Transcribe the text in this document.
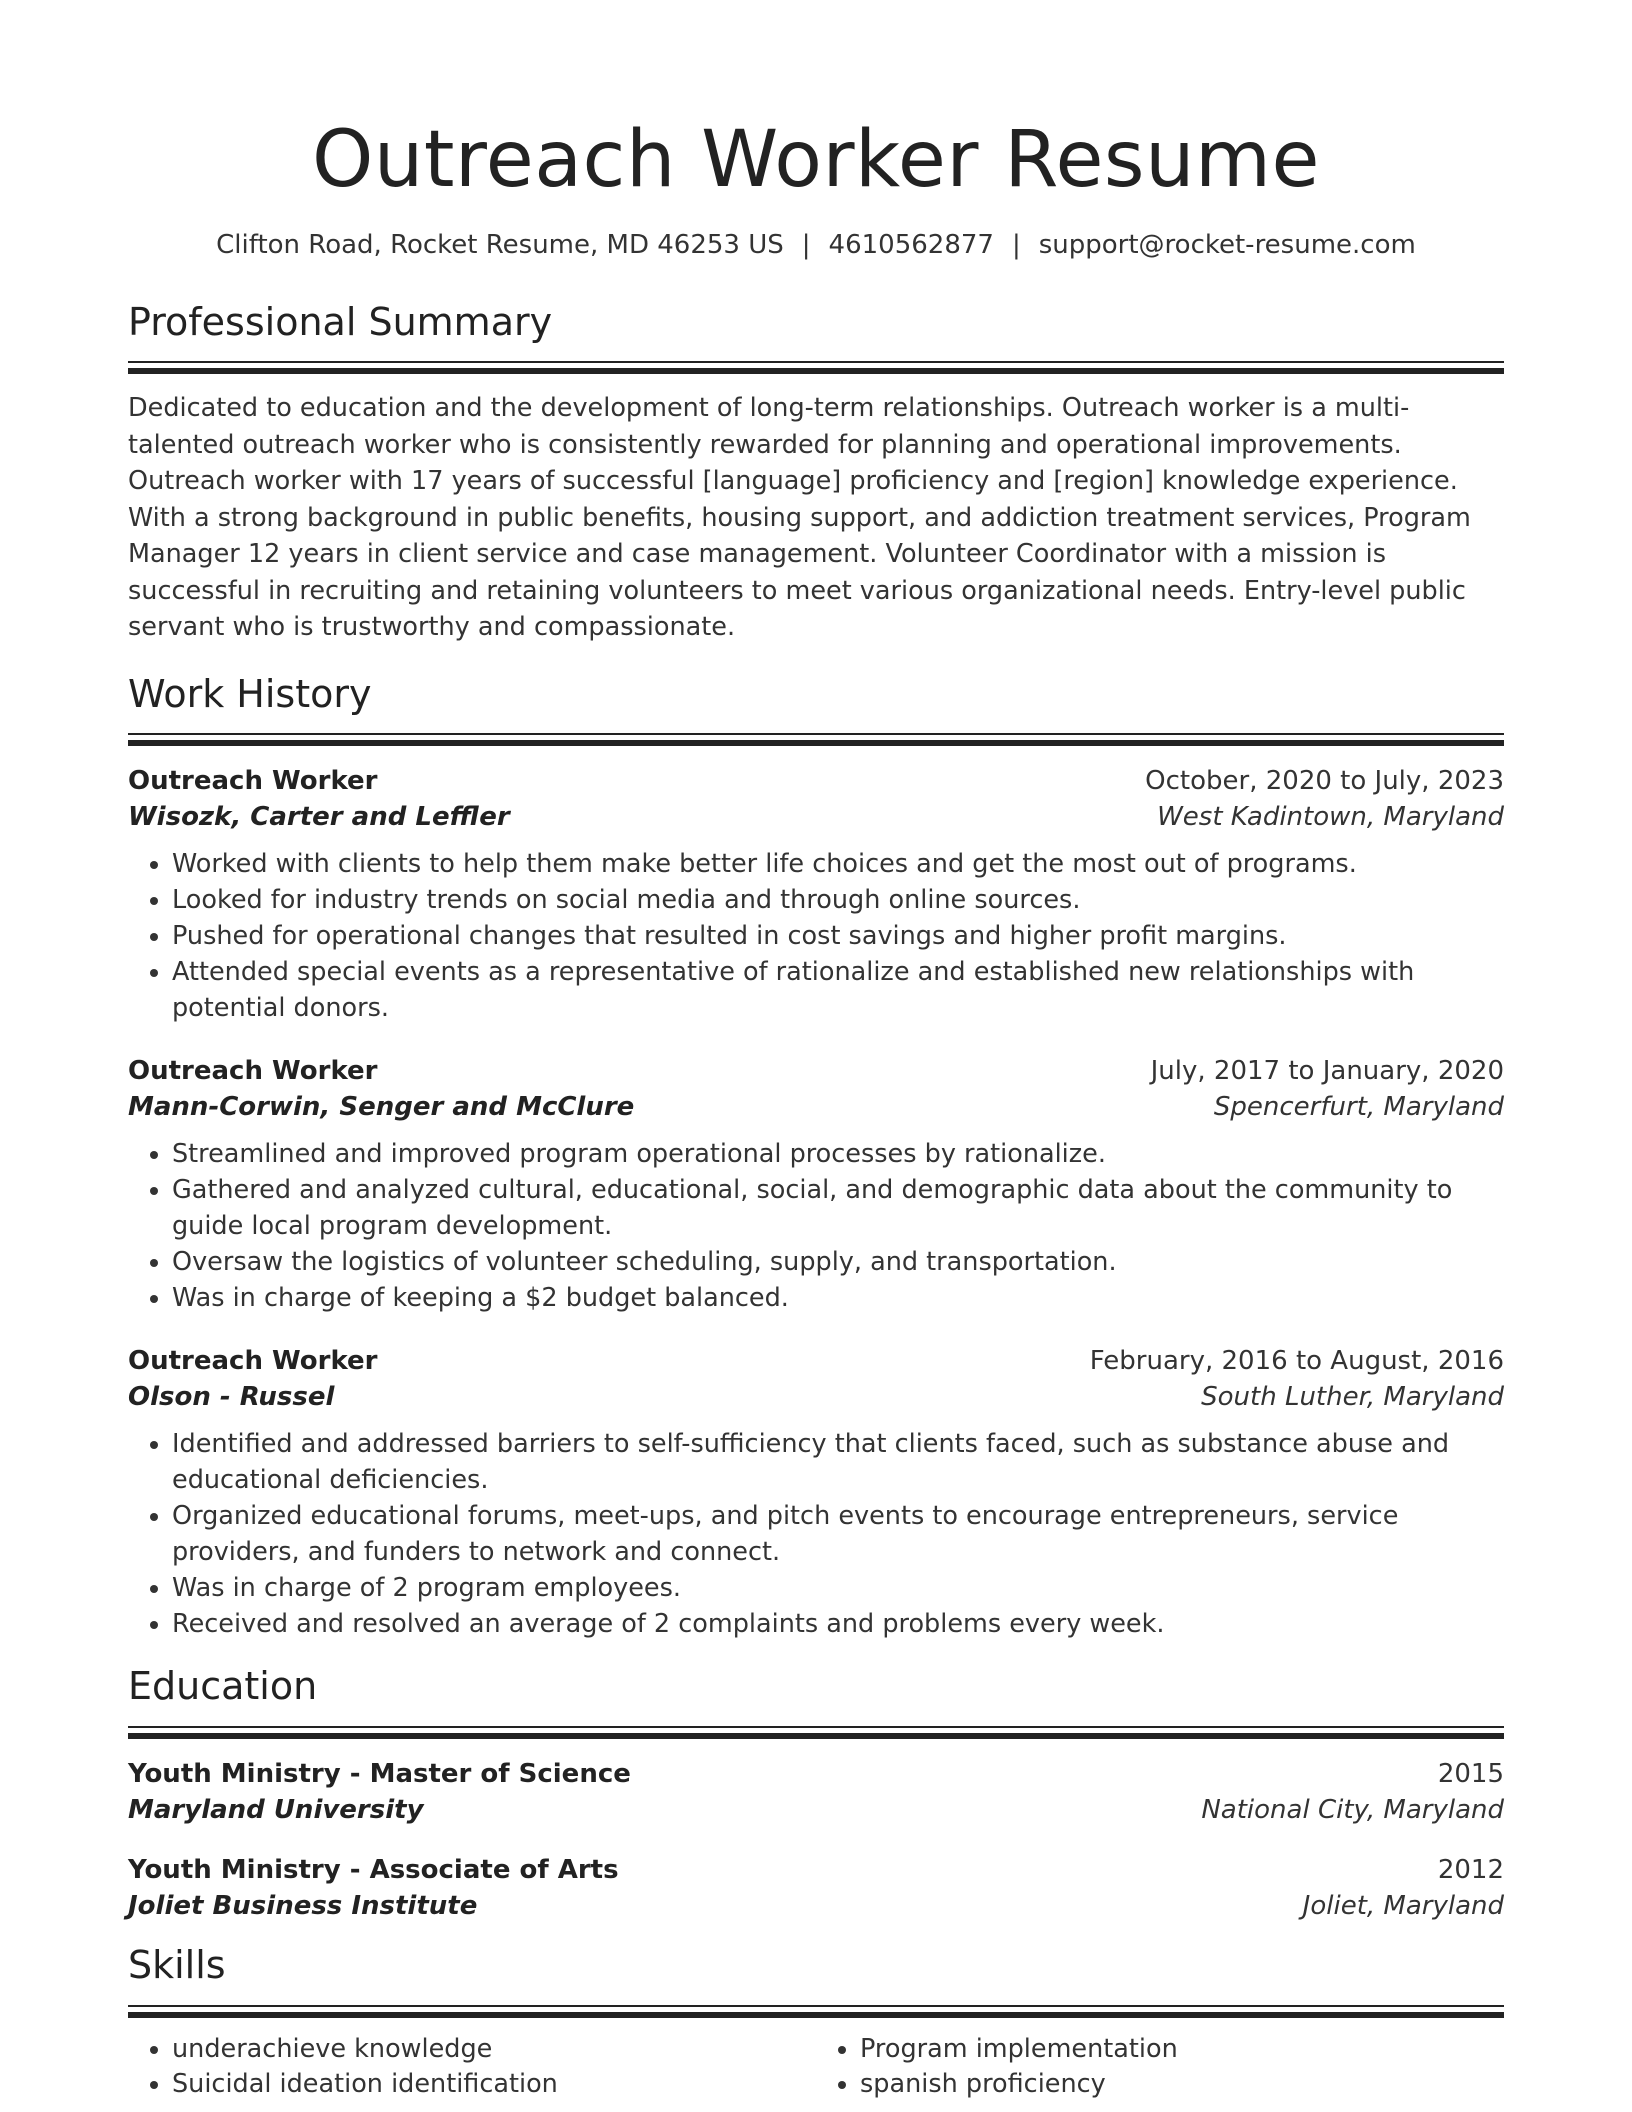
Outreach Worker Resume
Clifton Road, Rocket Resume, MD 46253 US | 4610562877 | support@rocket-resume.com
Professional Summary

Dedicated to education and the development of long-term relationships. Outreach worker is a multi-talented outreach worker who is consistently rewarded for planning and operational improvements. Outreach worker with 17 years of successful [language] proficiency and [region] knowledge experience. With a strong background in public benefits, housing support, and addiction treatment services, Program Manager 12 years in client service and case management. Volunteer Coordinator with a mission is successful in recruiting and retaining volunteers to meet various organizational needs. Entry-level public servant who is trustworthy and compassionate.

Work History
Outreach Worker	October, 2020 to July, 2023
Wisozk, Carter and Leffler	West Kadintown, Maryland
• Worked with clients to help them make better life choices and get the most out of programs.
• Looked for industry trends on social media and through online sources.
• Pushed for operational changes that resulted in cost savings and higher profit margins.
• Attended special events as a representative of rationalize and established new relationships with potential donors.
Outreach Worker	July, 2017 to January, 2020
Mann-Corwin, Senger and McClure	Spencerfurt, Maryland
• Streamlined and improved program operational processes by rationalize.
• Gathered and analyzed cultural, educational, social, and demographic data about the community to guide local program development.
• Oversaw the logistics of volunteer scheduling, supply, and transportation.
• Was in charge of keeping a $2 budget balanced.
Outreach Worker	February, 2016 to August, 2016
Olson - Russel	South Luther, Maryland
• Identified and addressed barriers to self-sufficiency that clients faced, such as substance abuse and educational deficiencies.
• Organized educational forums, meet-ups, and pitch events to encourage entrepreneurs, service providers, and funders to network and connect.
• Was in charge of 2 program employees.
• Received and resolved an average of 2 complaints and problems every week.
Education
Youth Ministry - Master of Science	2015
Maryland University	National City, Maryland
Youth Ministry - Associate of Arts	2012
Joliet Business Institute	Joliet, Maryland
Skills
• underachieve knowledge
• Suicidal ideation identification
• Program implementation
• spanish proficiency
